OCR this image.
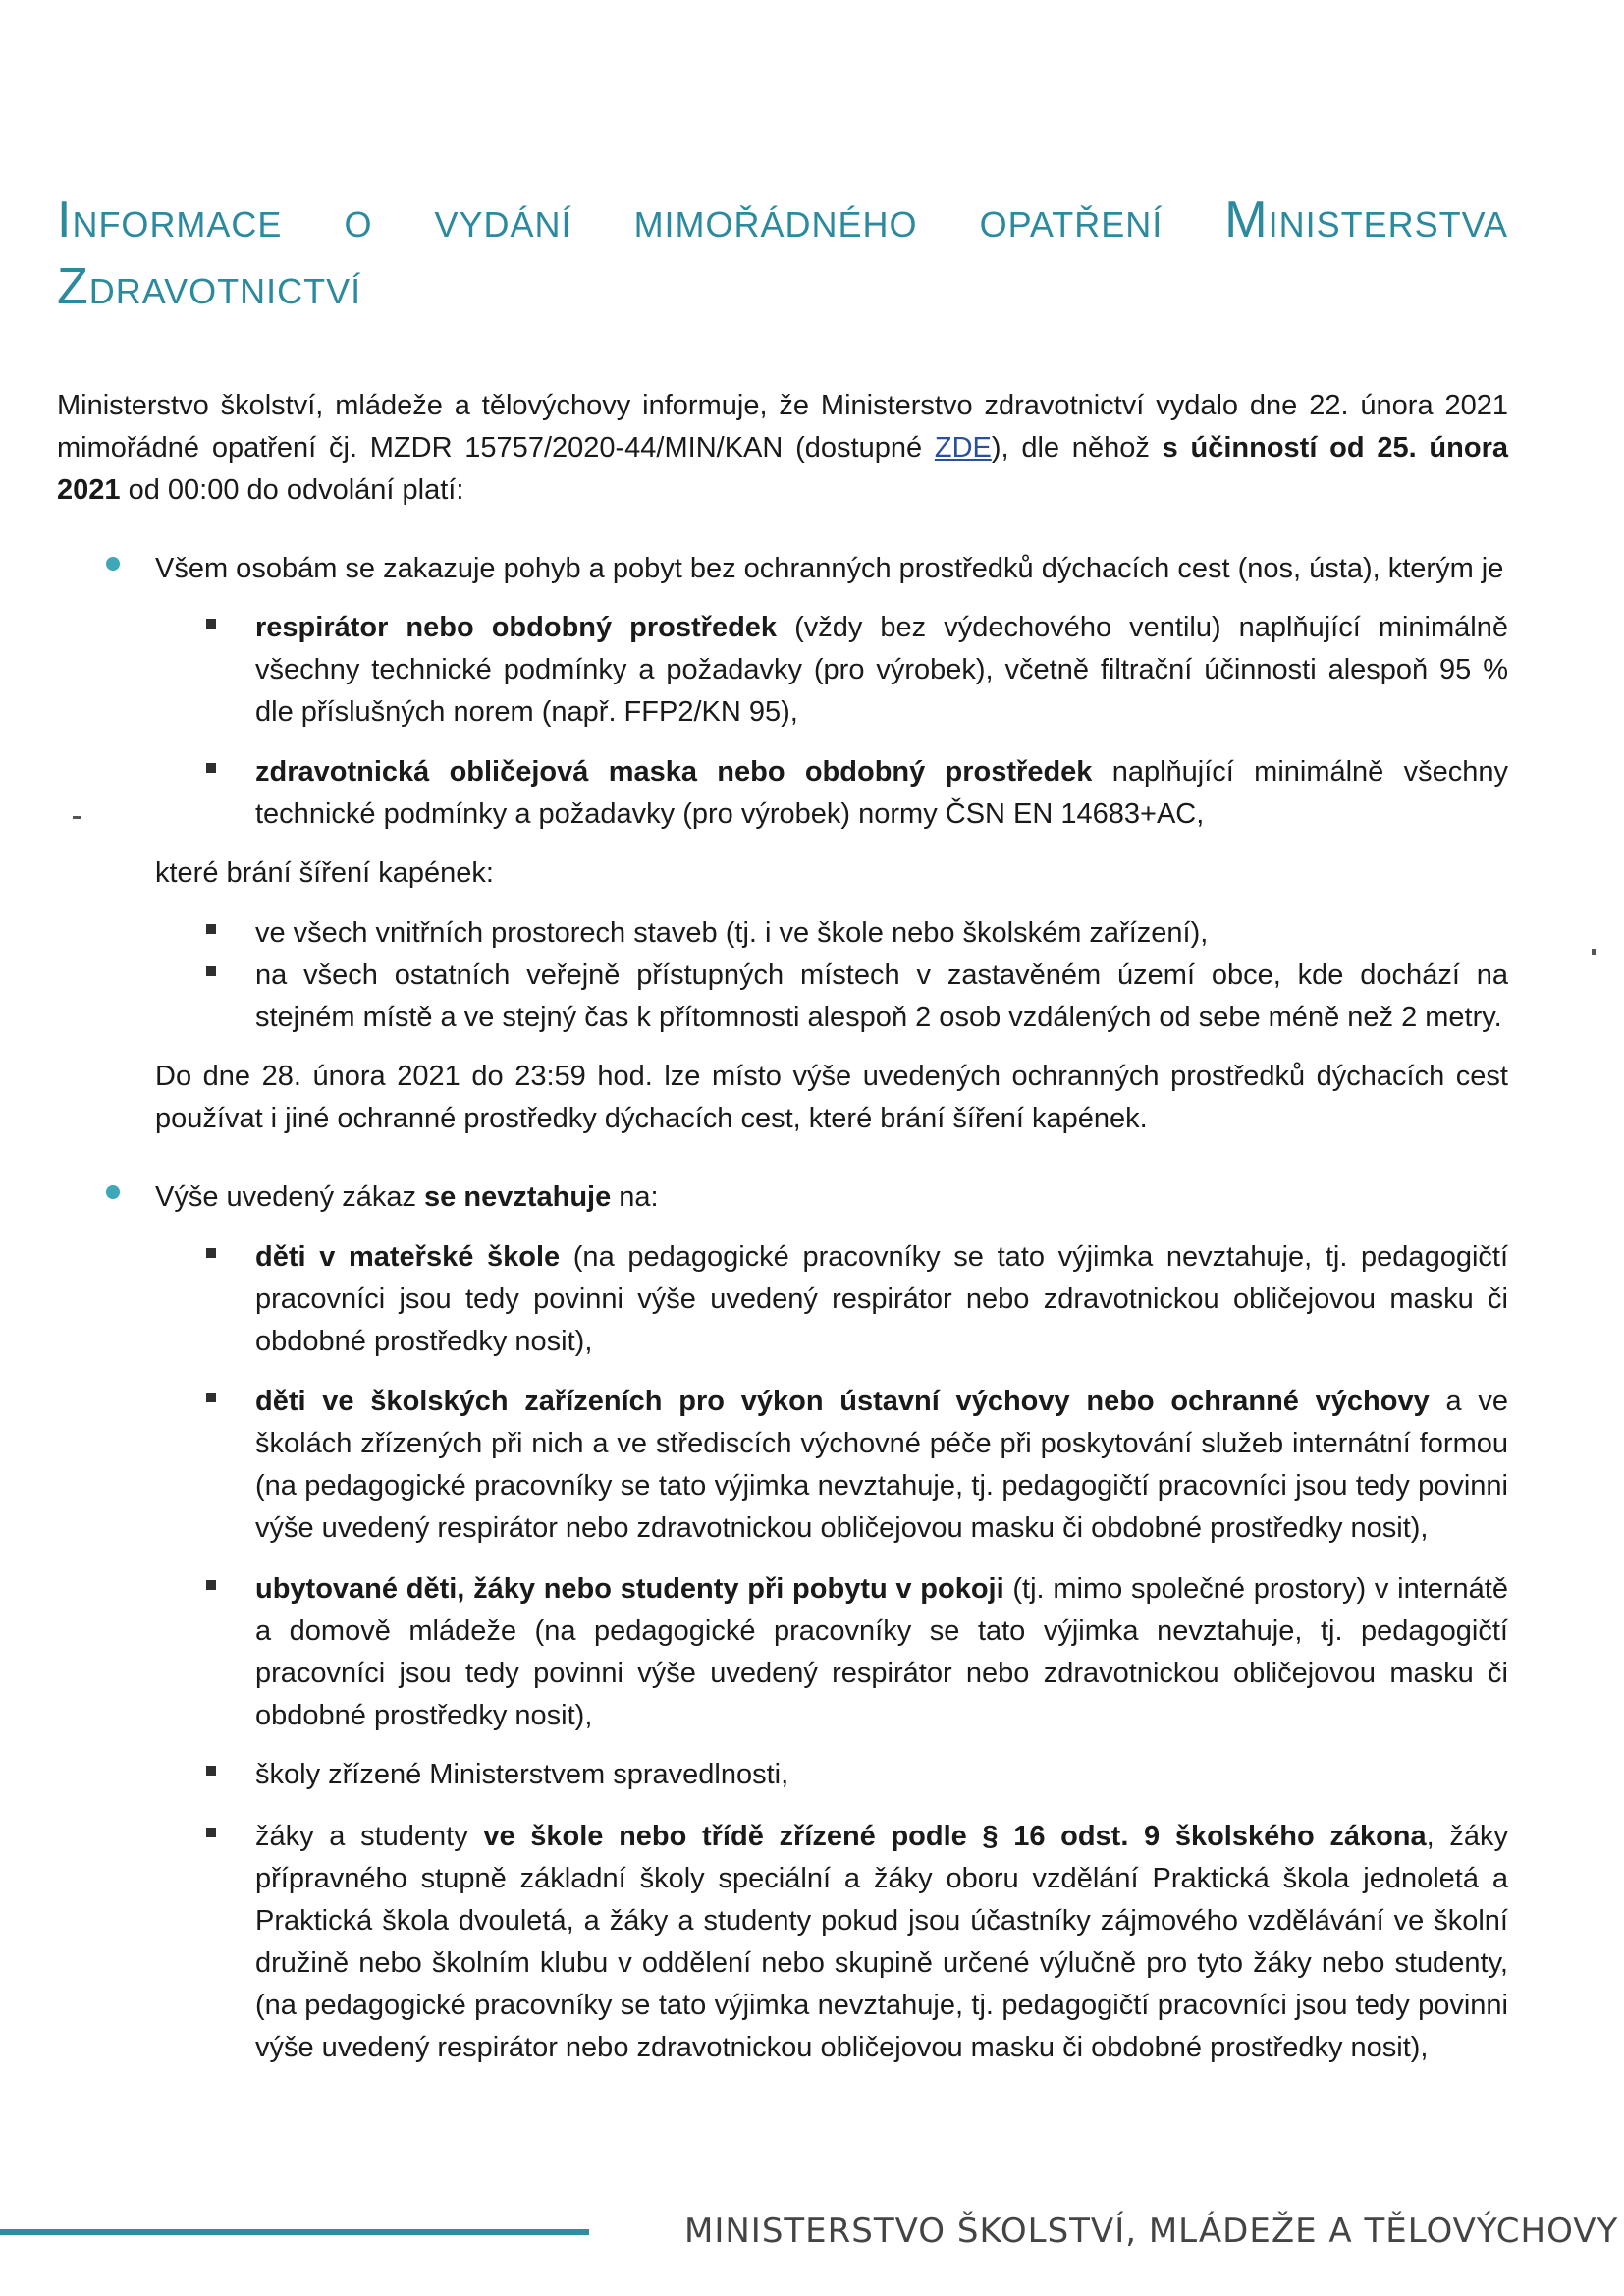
Informace o vydání mimořádného opatření Ministerstva
Zdravotnictví

Ministerstvo školství, mládeže a tělovýchovy informuje, že Ministerstvo zdravotnictví vydalo dne 22. února 2021 mimořádné opatření čj. MZDR 15757/2020-44/MIN/KAN (dostupné ZDE), dle něhož s účinností od 25. února 2021 od 00:00 do odvolání platí:

Všem osobám se zakazuje pohyb a pobyt bez ochranných prostředků dýchacích cest (nos, ústa), kterým je

respirátor nebo obdobný prostředek (vždy bez výdechového ventilu) naplňující minimálně všechny technické podmínky a požadavky (pro výrobek), včetně filtrační účinnosti alespoň 95 % dle příslušných norem (např. FFP2/KN 95),

zdravotnická obličejová maska nebo obdobný prostředek naplňující minimálně všechny technické podmínky a požadavky (pro výrobek) normy ČSN EN 14683+AC,

které brání šíření kapének:

ve všech vnitřních prostorech staveb (tj. i ve škole nebo školském zařízení),

na všech ostatních veřejně přístupných místech v zastavěném území obce, kde dochází na stejném místě a ve stejný čas k přítomnosti alespoň 2 osob vzdálených od sebe méně než 2 metry.

Do dne 28. února 2021 do 23:59 hod. lze místo výše uvedených ochranných prostředků dýchacích cest používat i jiné ochranné prostředky dýchacích cest, které brání šíření kapének.

Výše uvedený zákaz se nevztahuje na:

děti v mateřské škole (na pedagogické pracovníky se tato výjimka nevztahuje, tj. pedagogičtí pracovníci jsou tedy povinni výše uvedený respirátor nebo zdravotnickou obličejovou masku či obdobné prostředky nosit),

děti ve školských zařízeních pro výkon ústavní výchovy nebo ochranné výchovy a ve školách zřízených při nich a ve střediscích výchovné péče při poskytování služeb internátní formou (na pedagogické pracovníky se tato výjimka nevztahuje, tj. pedagogičtí pracovníci jsou tedy povinni výše uvedený respirátor nebo zdravotnickou obličejovou masku či obdobné prostředky nosit),

ubytované děti, žáky nebo studenty při pobytu v pokoji (tj. mimo společné prostory) v internátě a domově mládeže (na pedagogické pracovníky se tato výjimka nevztahuje, tj. pedagogičtí pracovníci jsou tedy povinni výše uvedený respirátor nebo zdravotnickou obličejovou masku či obdobné prostředky nosit),

školy zřízené Ministerstvem spravedlnosti,

žáky a studenty ve škole nebo třídě zřízené podle § 16 odst. 9 školského zákona, žáky přípravného stupně základní školy speciální a žáky oboru vzdělání Praktická škola jednoletá a Praktická škola dvouletá, a žáky a studenty pokud jsou účastníky zájmového vzdělávání ve školní družině nebo školním klubu v oddělení nebo skupině určené výlučně pro tyto žáky nebo studenty, (na pedagogické pracovníky se tato výjimka nevztahuje, tj. pedagogičtí pracovníci jsou tedy povinni výše uvedený respirátor nebo zdravotnickou obličejovou masku či obdobné prostředky nosit),

MINISTERSTVO ŠKOLSTVÍ, MLÁDEŽE A TĚLOVÝCHOVY
